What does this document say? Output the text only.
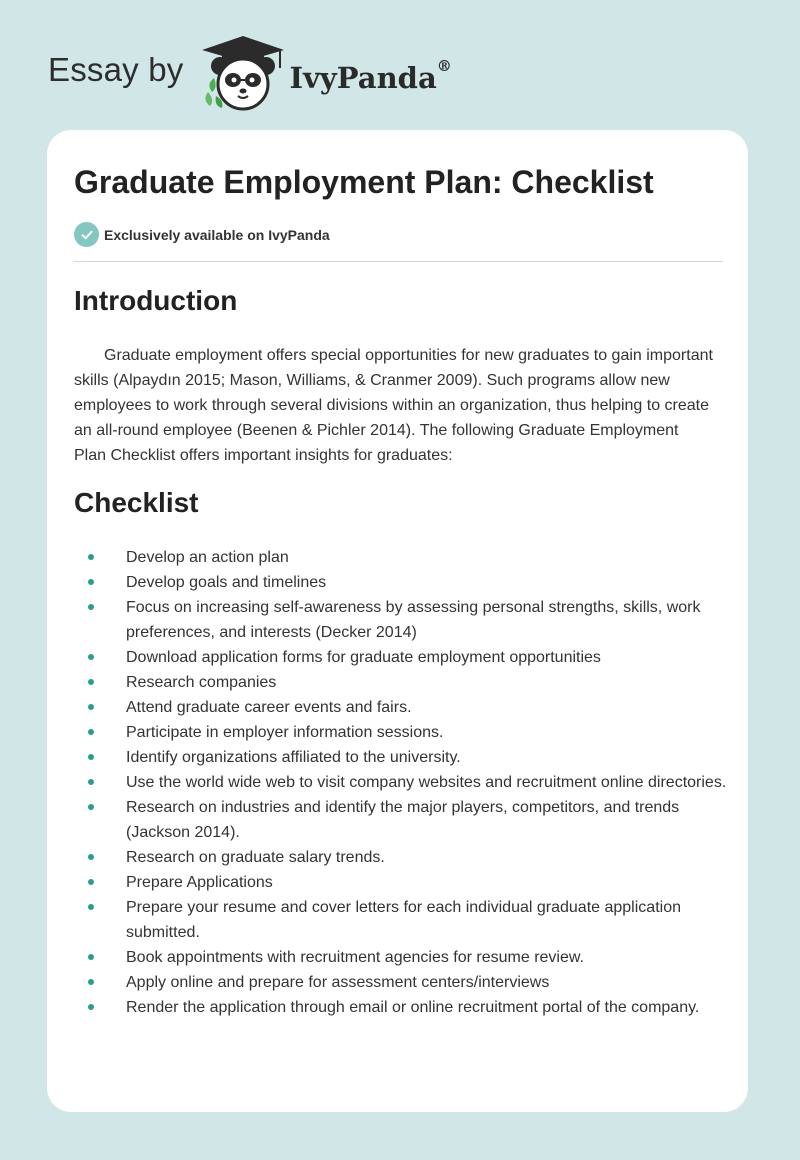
Essay by	IvyPanda®
Graduate Employment Plan: Checklist
Exclusively available on IvyPanda
Introduction

Graduate employment offers special opportunities for new graduates to gain important skills (Alpaydın 2015; Mason, Williams, & Cranmer 2009). Such programs allow new employees to work through several divisions within an organization, thus helping to create an all-round employee (Beenen & Pichler 2014). The following Graduate Employment Plan Checklist offers important insights for graduates:

Checklist
Develop an action plan
Develop goals and timelines
Focus on increasing self-awareness by assessing personal strengths, skills, work preferences, and interests (Decker 2014)
Download application forms for graduate employment opportunities
Research companies
Attend graduate career events and fairs.
Participate in employer information sessions.
Identify organizations affiliated to the university.
Use the world wide web to visit company websites and recruitment online directories.
Research on industries and identify the major players, competitors, and trends (Jackson 2014).
Research on graduate salary trends.
Prepare Applications
Prepare your resume and cover letters for each individual graduate application submitted.
Book appointments with recruitment agencies for resume review.
Apply online and prepare for assessment centers/interviews
Render the application through email or online recruitment portal of the company.
